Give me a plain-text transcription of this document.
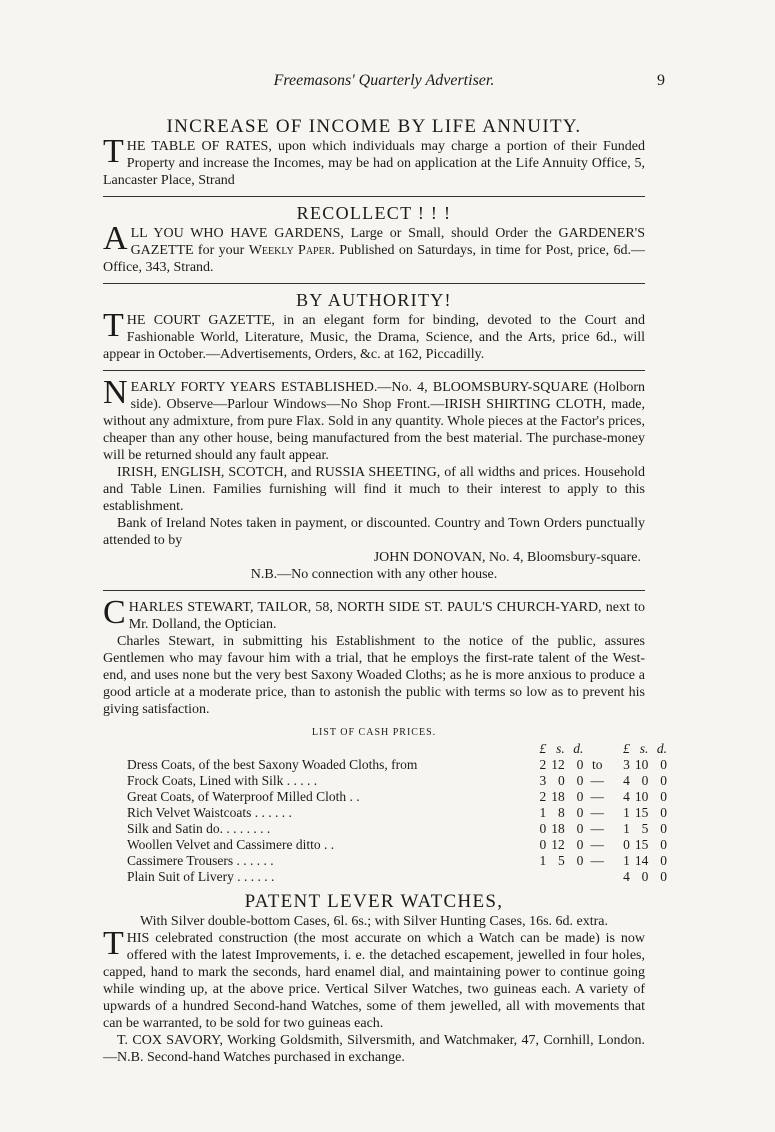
Freemasons' Quarterly Advertiser.	9
INCREASE OF INCOME BY LIFE ANNUITY.

THE TABLE OF RATES, upon which individuals may charge a portion of their Funded Property and increase the Incomes, may be had on application at the Life Annuity Office, 5, Lancaster Place, Strand

RECOLLECT ! ! !

ALL YOU WHO HAVE GARDENS, Large or Small, should Order the GARDENER'S GAZETTE for your Weekly Paper. Published on Saturdays, in time for Post, price, 6d.—Office, 343, Strand.

BY AUTHORITY!

THE COURT GAZETTE, in an elegant form for binding, devoted to the Court and Fashionable World, Literature, Music, the Drama, Science, and the Arts, price 6d., will appear in October.—Advertisements, Orders, &c. at 162, Piccadilly.

NEARLY FORTY YEARS ESTABLISHED.—No. 4, BLOOMSBURY-SQUARE (Holborn side). Observe—Parlour Windows—No Shop Front.—IRISH SHIRTING CLOTH, made, without any admixture, from pure Flax. Sold in any quantity. Whole pieces at the Factor's prices, cheaper than any other house, being manufactured from the best material. The purchase-money will be returned should any fault appear.

IRISH, ENGLISH, SCOTCH, and RUSSIA SHEETING, of all widths and prices. Household and Table Linen. Families furnishing will find it much to their interest to apply to this establishment.

Bank of Ireland Notes taken in payment, or discounted. Country and Town Orders punctually attended to by

JOHN DONOVAN, No. 4, Bloomsbury-square.

N.B.—No connection with any other house.

CHARLES STEWART, TAILOR, 58, NORTH SIDE ST. PAUL'S CHURCH-YARD, next to Mr. Dolland, the Optician.

Charles Stewart, in submitting his Establishment to the notice of the public, assures Gentlemen who may favour him with a trial, that he employs the first-rate talent of the West-end, and uses none but the very best Saxony Woaded Cloths; as he is more anxious to produce a good article at a moderate price, than to astonish the public with terms so low as to prevent his giving satisfaction.

LIST OF CASH PRICES.
	£	s.	d.		£	s.	d.
Dress Coats, of the best Saxony Woaded Cloths, from	2	12	0	to	3	10	0
Frock Coats, Lined with Silk . . . . .	3	0	0	—	4	0	0
Great Coats, of Waterproof Milled Cloth . .	2	18	0	—	4	10	0
Rich Velvet Waistcoats . . . . . .	1	8	0	—	1	15	0
Silk and Satin do. . . . . . . .	0	18	0	—	1	5	0
Woollen Velvet and Cassimere ditto . .	0	12	0	—	0	15	0
Cassimere Trousers . . . . . .	1	5	0	—	1	14	0
Plain Suit of Livery . . . . . .					4	0	0
PATENT LEVER WATCHES,

With Silver double-bottom Cases, 6l. 6s.; with Silver Hunting Cases, 16s. 6d. extra.

THIS celebrated construction (the most accurate on which a Watch can be made) is now offered with the latest Improvements, i. e. the detached escapement, jewelled in four holes, capped, hand to mark the seconds, hard enamel dial, and maintaining power to continue going while winding up, at the above price. Vertical Silver Watches, two guineas each. A variety of upwards of a hundred Second-hand Watches, some of them jewelled, all with movements that can be warranted, to be sold for two guineas each.

T. COX SAVORY, Working Goldsmith, Silversmith, and Watchmaker, 47, Cornhill, London.—N.B. Second-hand Watches purchased in exchange.
